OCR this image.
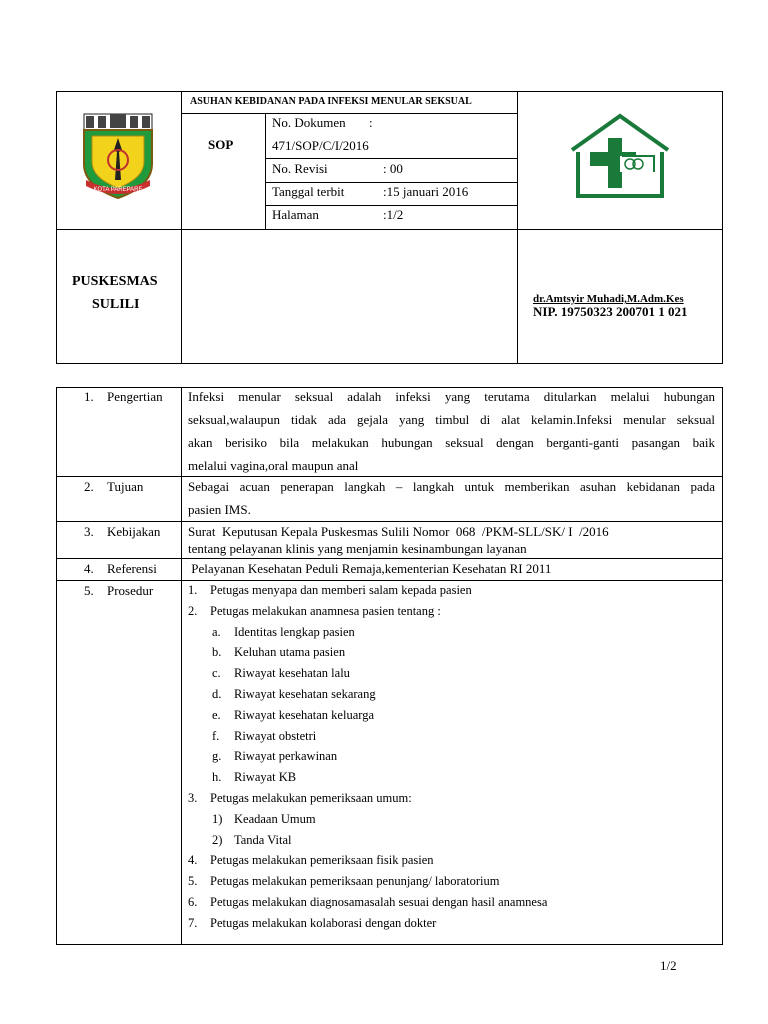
KOTA PAREPARE
ASUHAN KEBIDANAN PADA INFEKSI MENULAR SEKSUAL
SOP
No. Dokumen :
471/SOP/C/I/2016
No. Revisi	: 00
Tanggal terbit	:15 januari 2016
Halaman	:1/2
PUSKESMAS
SULILI	dr.Amtsyir Muhadi,M.Adm.Kes
NIP. 19750323 200701 1 021
1. Pengertian Infeksi menular seksual adalah infeksi yang terutama ditularkan melalui hubungan
seksual,walaupun tidak ada gejala yang timbul di alat kelamin.Infeksi menular seksual
akan berisiko bila melakukan hubungan seksual dengan berganti-ganti pasangan baik
melalui vagina,oral maupun anal
2. Tujuan	Sebagai acuan penerapan langkah – langkah untuk memberikan asuhan kebidanan pada
pasien IMS.
3. Kebijakan Surat  Keputusan Kepala Puskesmas Sulili Nomor  068  /PKM-SLL/SK/ I  /2016
tentang pelayanan klinis yang menjamin kesinambungan layanan
4. Referensi Pelayanan Kesehatan Peduli Remaja,kementerian Kesehatan RI 2011
5. Prosedur	1. Petugas menyapa dan memberi salam kepada pasien
2. Petugas melakukan anamnesa pasien tentang :
a. Identitas lengkap pasien
b. Keluhan utama pasien
c. Riwayat kesehatan lalu
d. Riwayat kesehatan sekarang
e. Riwayat kesehatan keluarga
f. Riwayat obstetri
g. Riwayat perkawinan
h. Riwayat KB
3. Petugas melakukan pemeriksaan umum:
1) Keadaan Umum
2) Tanda Vital
4. Petugas melakukan pemeriksaan fisik pasien
5. Petugas melakukan pemeriksaan penunjang/ laboratorium
6. Petugas melakukan diagnosamasalah sesuai dengan hasil anamnesa
7. Petugas melakukan kolaborasi dengan dokter
1/2
